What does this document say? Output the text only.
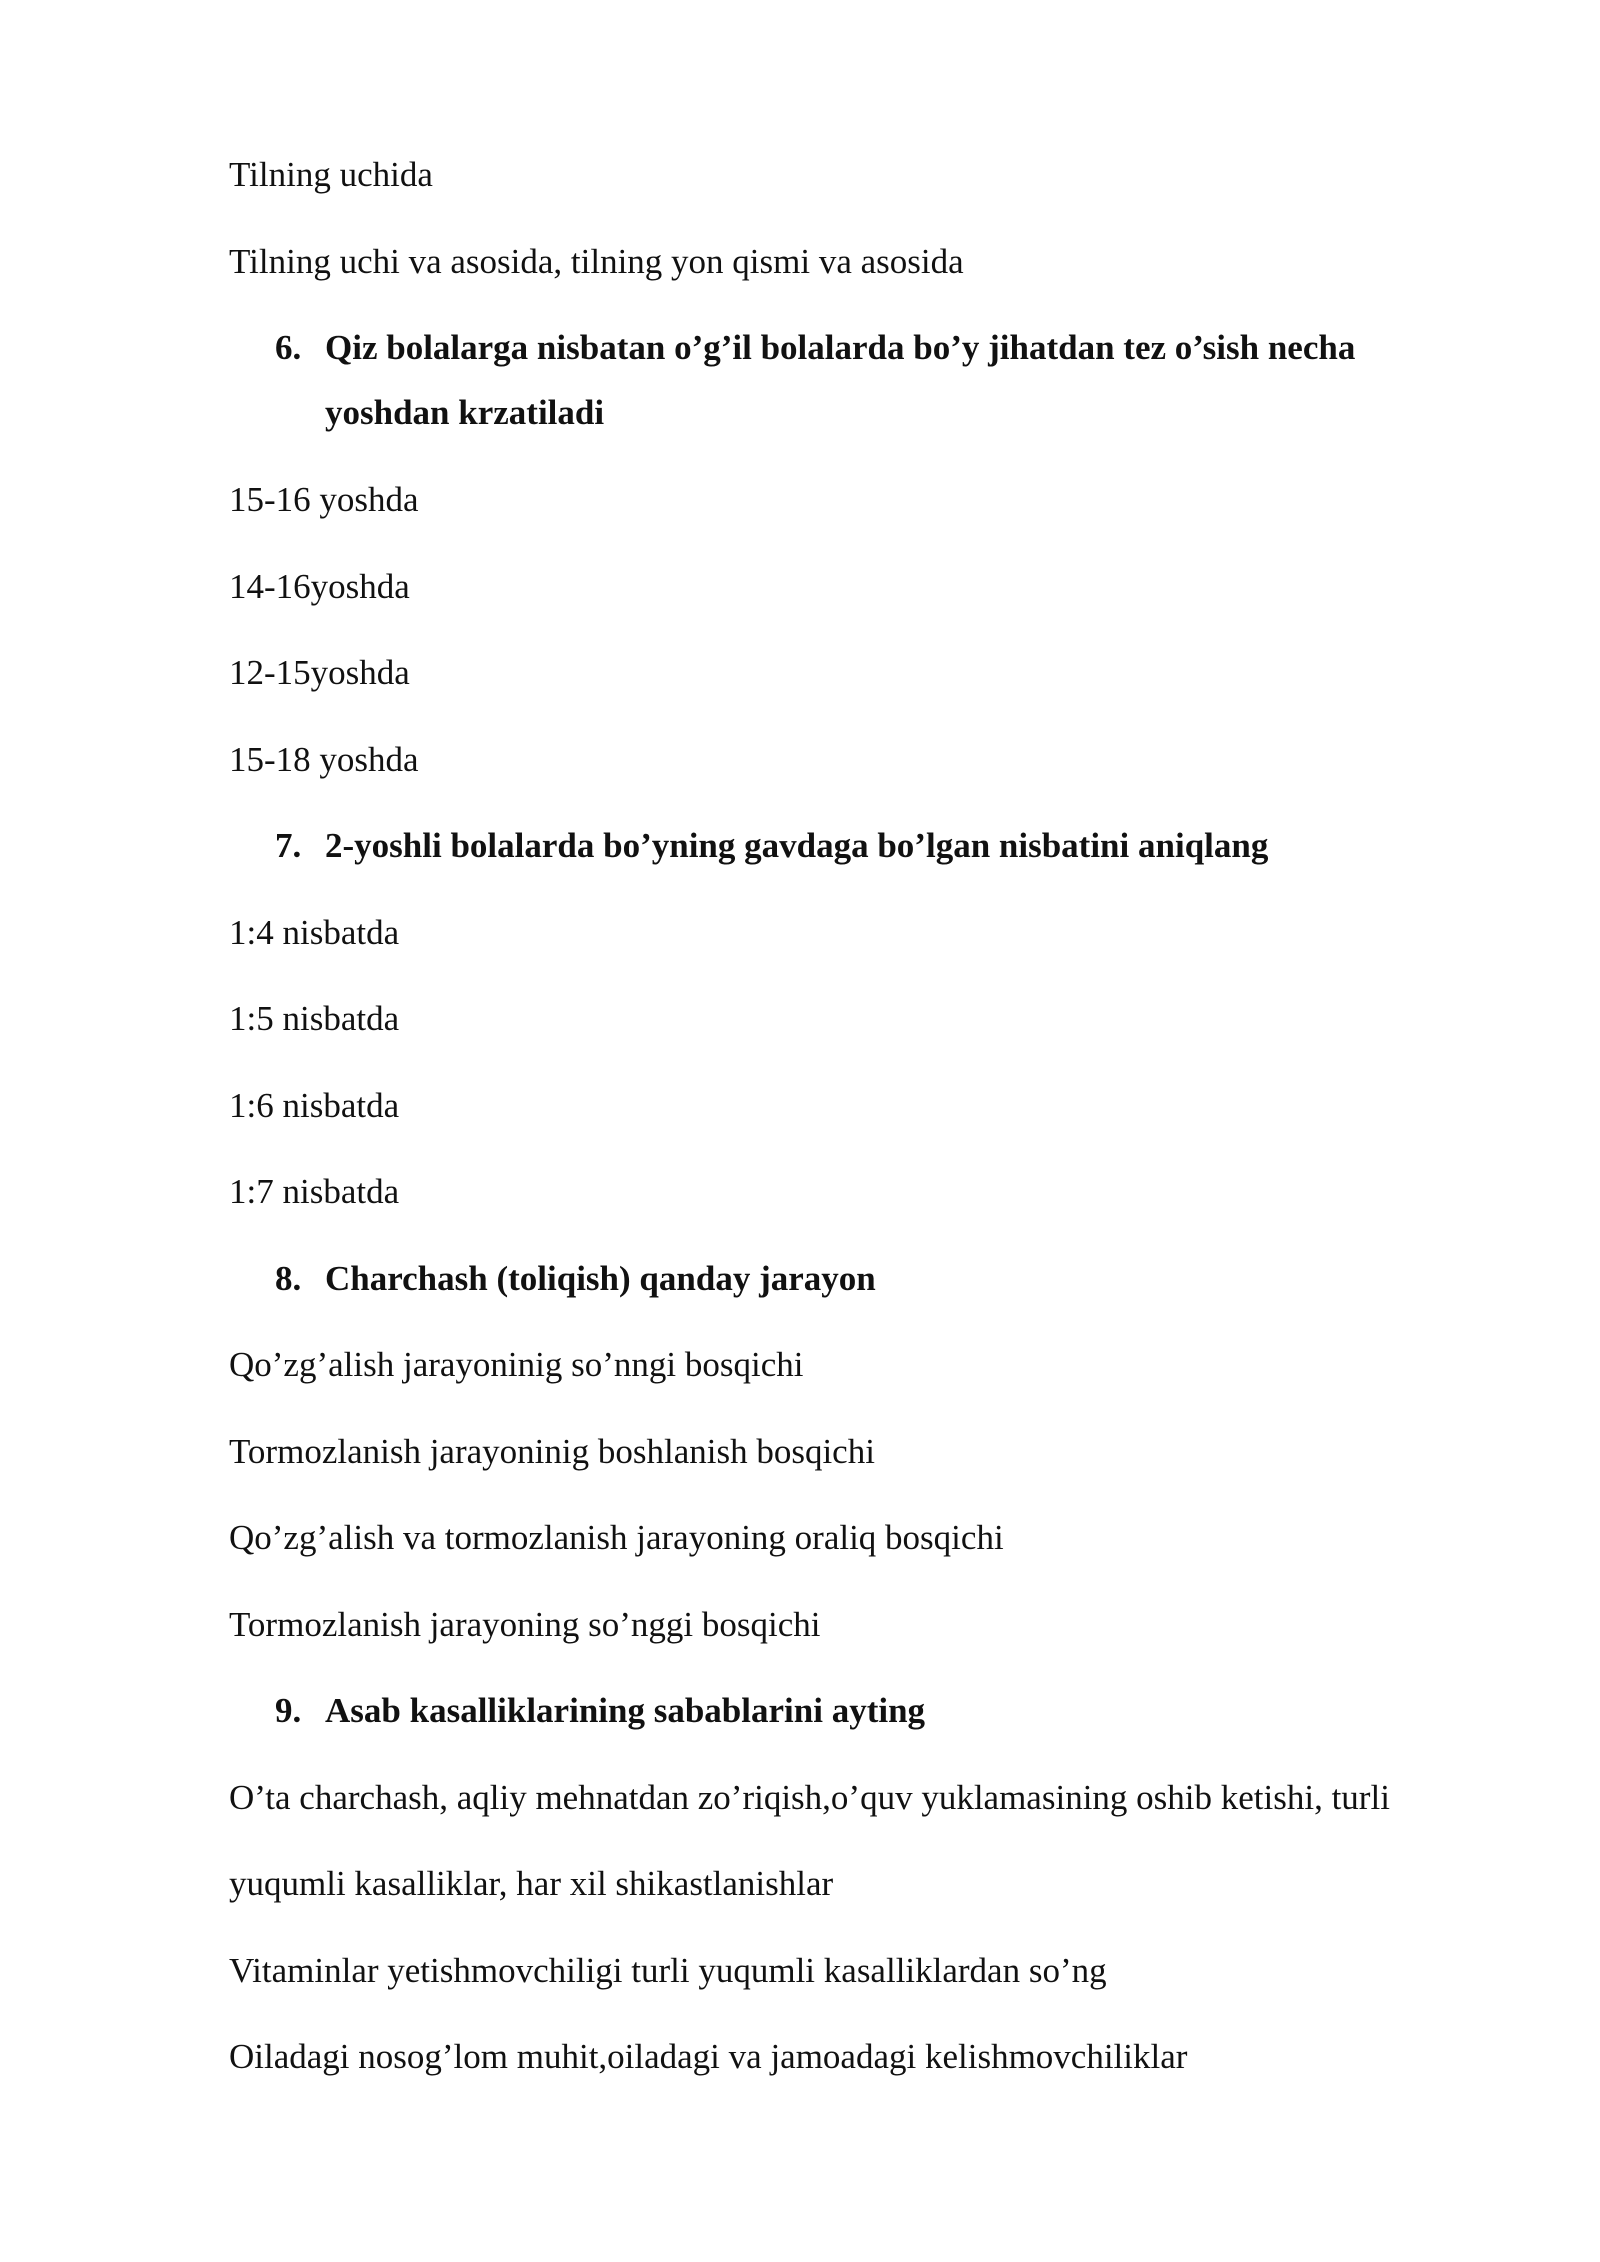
Tilning uchida
Tilning uchi va asosida, tilning yon qismi va asosida
6. Qiz bolalarga nisbatan o’g’il bolalarda bo’y jihatdan tez o’sish necha
yoshdan krzatiladi
15-16 yoshda
14-16yoshda
12-15yoshda
15-18 yoshda
7. 2-yoshli bolalarda bo’yning gavdaga bo’lgan nisbatini aniqlang
1:4 nisbatda
1:5 nisbatda
1:6 nisbatda
1:7 nisbatda
8. Charchash (toliqish) qanday jarayon
Qo’zg’alish jarayoninig so’nngi bosqichi
Tormozlanish jarayoninig boshlanish bosqichi
Qo’zg’alish va tormozlanish jarayoning oraliq bosqichi
Tormozlanish jarayoning so’nggi bosqichi
9. Asab kasalliklarining sabablarini ayting
O’ta charchash, aqliy mehnatdan zo’riqish,o’quv yuklamasining oshib ketishi, turli
yuqumli kasalliklar, har xil shikastlanishlar
Vitaminlar yetishmovchiligi turli yuqumli kasalliklardan so’ng
Oiladagi nosog’lom muhit,oiladagi va jamoadagi kelishmovchiliklar
